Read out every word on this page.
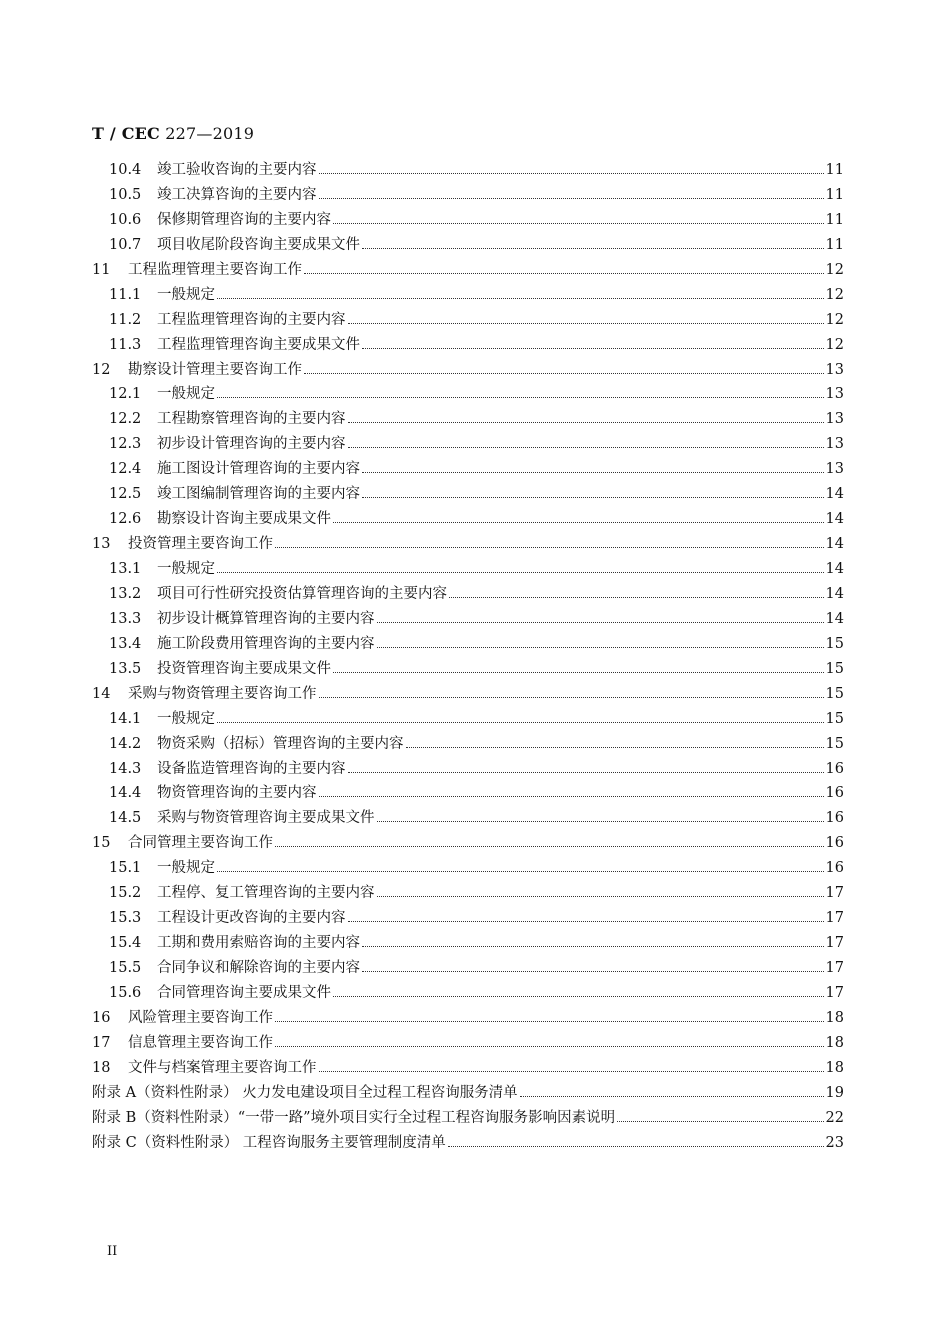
T / CEC 227—2019
10.4	竣工验收咨询的主要内容	11
10.5	竣工决算咨询的主要内容	11
10.6	保修期管理咨询的主要内容	11
10.7	项目收尾阶段咨询主要成果文件	11
11	工程监理管理主要咨询工作	12
11.1	一般规定	12
11.2	工程监理管理咨询的主要内容	12
11.3	工程监理管理咨询主要成果文件	12
12	勘察设计管理主要咨询工作	13
12.1	一般规定	13
12.2	工程勘察管理咨询的主要内容	13
12.3	初步设计管理咨询的主要内容	13
12.4	施工图设计管理咨询的主要内容	13
12.5	竣工图编制管理咨询的主要内容	14
12.6	勘察设计咨询主要成果文件	14
13	投资管理主要咨询工作	14
13.1	一般规定	14
13.2	项目可行性研究投资估算管理咨询的主要内容	14
13.3	初步设计概算管理咨询的主要内容	14
13.4	施工阶段费用管理咨询的主要内容	15
13.5	投资管理咨询主要成果文件	15
14	采购与物资管理主要咨询工作	15
14.1	一般规定	15
14.2	物资采购（招标）管理咨询的主要内容	15
14.3	设备监造管理咨询的主要内容	16
14.4	物资管理咨询的主要内容	16
14.5	采购与物资管理咨询主要成果文件	16
15	合同管理主要咨询工作	16
15.1	一般规定	16
15.2	工程停、复工管理咨询的主要内容	17
15.3	工程设计更改咨询的主要内容	17
15.4	工期和费用索赔咨询的主要内容	17
15.5	合同争议和解除咨询的主要内容	17
15.6	合同管理咨询主要成果文件	17
16	风险管理主要咨询工作	18
17	信息管理主要咨询工作	18
18	文件与档案管理主要咨询工作	18
附录 A（资料性附录） 火力发电建设项目全过程工程咨询服务清单	19
附录 B（资料性附录）“一带一路”境外项目实行全过程工程咨询服务影响因素说明	22
附录 C（资料性附录） 工程咨询服务主要管理制度清单	23
II
